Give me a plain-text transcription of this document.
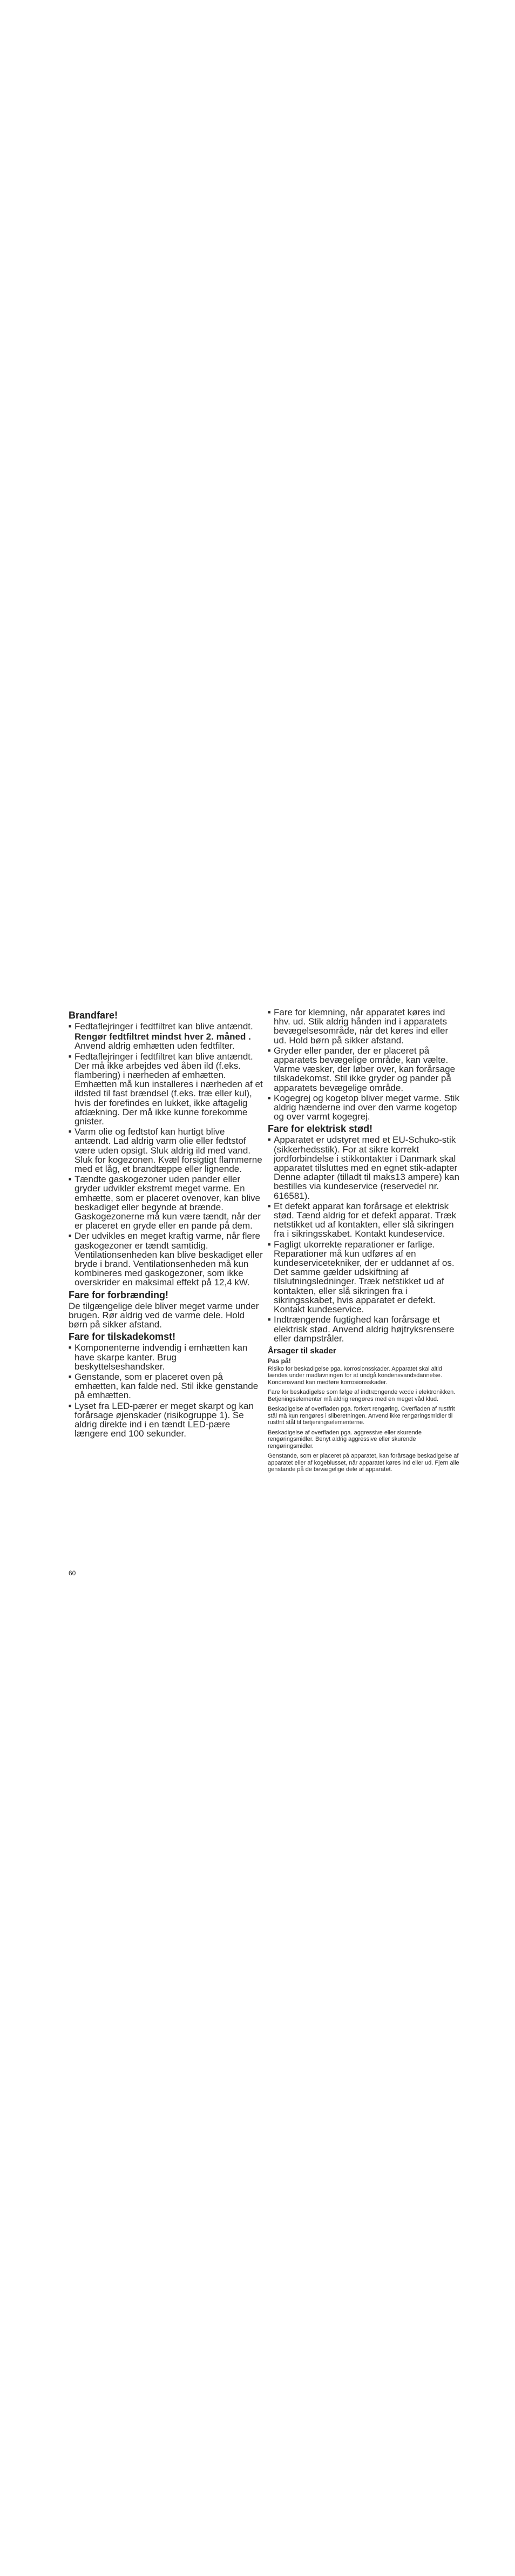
Brandfare!
■ Fedtaflejringer i fedtfiltret kan blive antændt.

Rengør fedtfiltret mindst hver 2. måned .

Anvend aldrig emhætten uden fedtfilter.

■ Fedtaflejringer i fedtfiltret kan blive antændt. Der må ikke arbejdes ved åben ild (f.eks. flambering) i nærheden af emhætten. Emhætten må kun installeres i nærheden af et ildsted til fast brændsel (f.eks. træ eller kul), hvis der forefindes en lukket, ikke aftagelig afdækning. Der må ikke kunne forekomme gnister.
■ Varm olie og fedtstof kan hurtigt blive antændt. Lad aldrig varm olie eller fedtstof være uden opsigt. Sluk aldrig ild med vand. Sluk for kogezonen. Kvæl forsigtigt flammerne med et låg, et brandtæppe eller lignende.
■ Tændte gaskogezoner uden pander eller gryder udvikler ekstremt meget varme. En emhætte, som er placeret ovenover, kan blive beskadiget eller begynde at brænde. Gaskogezonerne må kun være tændt, når der er placeret en gryde eller en pande på dem.
■ Der udvikles en meget kraftig varme, når flere gaskogezoner er tændt samtidig. Ventilationsenheden kan blive beskadiget eller bryde i brand. Ventilationsenheden må kun kombineres med gaskogezoner, som ikke overskrider en maksimal effekt på 12,4 kW.
Fare for forbrænding!

De tilgængelige dele bliver meget varme under brugen. Rør aldrig ved de varme dele. Hold børn på sikker afstand.

Fare for tilskadekomst!
■ Komponenterne indvendig i emhætten kan have skarpe kanter. Brug beskyttelseshandsker.
■ Genstande, som er placeret oven på emhætten, kan falde ned. Stil ikke genstande på emhætten.
■ Lyset fra LED-pærer er meget skarpt og kan forårsage øjenskader (risikogruppe 1). Se aldrig direkte ind i en tændt LED-pære længere end 100 sekunder.
■ Fare for klemning, når apparatet køres ind hhv. ud. Stik aldrig hånden ind i apparatets bevægelsesområde, når det køres ind eller ud. Hold børn på sikker afstand.
■ Gryder eller pander, der er placeret på apparatets bevægelige område, kan vælte. Varme væsker, der løber over, kan forårsage tilskadekomst. Stil ikke gryder og pander på apparatets bevægelige område.
■ Kogegrej og kogetop bliver meget varme. Stik aldrig hænderne ind over den varme kogetop og over varmt kogegrej.
Fare for elektrisk stød!
■ Apparatet er udstyret med et EU-Schuko-stik (sikkerhedsstik). For at sikre korrekt jordforbindelse i stikkontakter i Danmark skal apparatet tilsluttes med en egnet stik-adapter Denne adapter (tilladt til maks13 ampere) kan bestilles via kundeservice (reservedel nr. 616581).
■ Et defekt apparat kan forårsage et elektrisk stød. Tænd aldrig for et defekt apparat. Træk netstikket ud af kontakten, eller slå sikringen fra i sikringsskabet. Kontakt kundeservice.
■ Fagligt ukorrekte reparationer er farlige. Reparationer må kun udføres af en kundeservicetekniker, der er uddannet af os. Det samme gælder udskiftning af tilslutningsledninger. Træk netstikket ud af kontakten, eller slå sikringen fra i sikringsskabet, hvis apparatet er defekt. Kontakt kundeservice.
■ Indtrængende fugtighed kan forårsage et elektrisk stød. Anvend aldrig højtryksrensere eller dampstråler.
Årsager til skader
Pas på!

Risiko for beskadigelse pga. korrosionsskader. Apparatet skal altid tændes under madlavningen for at undgå kondensvandsdannelse. Kondensvand kan medføre korrosionsskader.

Fare for beskadigelse som følge af indtrængende væde i elektronikken. Betjeningselementer må aldrig rengøres med en meget våd klud.

Beskadigelse af overfladen pga. forkert rengøring. Overfladen af rustfrit stål må kun rengøres i sliberetningen. Anvend ikke rengøringsmidler til rustfrit stål til betjeningselementerne.

Beskadigelse af overfladen pga. aggressive eller skurende rengøringsmidler. Benyt aldrig aggressive eller skurende rengøringsmidler.

Genstande, som er placeret på apparatet, kan forårsage beskadigelse af apparatet eller af kogeblusset, når apparatet køres ind eller ud. Fjern alle genstande på de bevægelige dele af apparatet.

60
